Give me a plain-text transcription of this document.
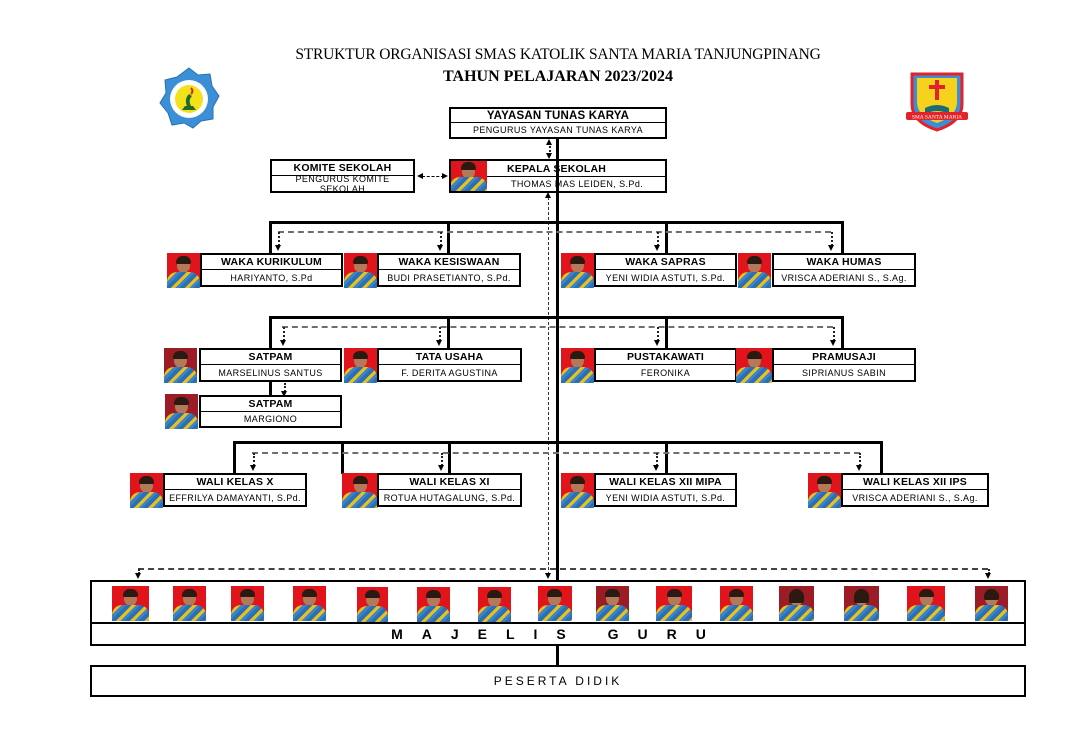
STRUKTUR ORGANISASI SMAS KATOLIK SANTA MARIA TANJUNGPINANG
TAHUN PELAJARAN 2023/2024
SMA SANTA MARIA
YAYASAN TUNAS KARYA
PENGURUS YAYASAN TUNAS KARYA
KOMITE SEKOLAH
PENGURUS KOMITE SEKOLAH
KEPALA SEKOLAH
THOMAS MAS LEIDEN, S.Pd.
WAKA KURIKULUM
HARIYANTO, S.Pd
WAKA KESISWAAN
BUDI PRASETIANTO, S.Pd.
WAKA SAPRAS
YENI WIDIA ASTUTI, S.Pd.
WAKA HUMAS
VRISCA ADERIANI S., S.Ag.
SATPAM
MARSELINUS SANTUS
TATA USAHA
F. DERITA AGUSTINA
PUSTAKAWATI
FERONIKA
PRAMUSAJI
SIPRIANUS SABIN
SATPAM
MARGIONO
WALI KELAS X
EFFRILYA DAMAYANTI, S.Pd.
WALI KELAS XI
ROTUA HUTAGALUNG, S.Pd.
WALI KELAS XII MIPA
YENI WIDIA ASTUTI, S.Pd.
WALI KELAS XII IPS
VRISCA ADERIANI S., S.Ag.
MAJELIS GURU
PESERTA DIDIK
